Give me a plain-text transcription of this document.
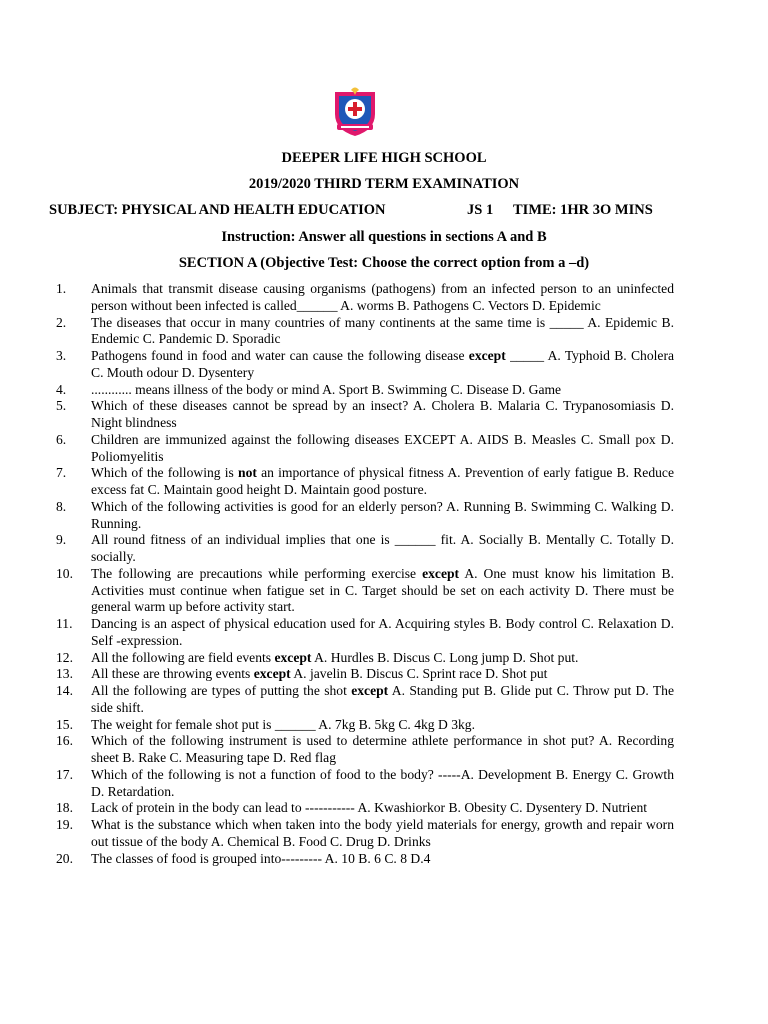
DEEPER LIFE HIGH SCHOOL
2019/2020 THIRD TERM EXAMINATION
SUBJECT: PHYSICAL AND HEALTH EDUCATION	JS 1 TIME: 1HR 3O MINS
Instruction: Answer all questions in sections A and B
SECTION A (Objective Test: Choose the correct option from a –d)
1. Animals that transmit disease causing organisms (pathogens) from an infected person to an uninfected person without been infected is called______ A. worms B. Pathogens C. Vectors D. Epidemic
2. The diseases that occur in many countries of many continents at the same time is _____ A. Epidemic B. Endemic C. Pandemic D. Sporadic
3. Pathogens found in food and water can cause the following disease except _____ A. Typhoid B. Cholera C. Mouth odour D. Dysentery
4. ............ means illness of the body or mind A. Sport B. Swimming C. Disease D. Game
5. Which of these diseases cannot be spread by an insect? A. Cholera B. Malaria C. Trypanosomiasis D. Night blindness
6. Children are immunized against the following diseases EXCEPT A. AIDS B. Measles C. Small pox D. Poliomyelitis
7. Which of the following is not an importance of physical fitness A. Prevention of early fatigue B. Reduce excess fat C. Maintain good height D. Maintain good posture.
8. Which of the following activities is good for an elderly person? A. Running B. Swimming C. Walking D. Running.
9. All round fitness of an individual implies that one is ______ fit. A. Socially B. Mentally C. Totally D. socially.
10. The following are precautions while performing exercise except A. One must know his limitation B. Activities must continue when fatigue set in C. Target should be set on each activity D. There must be general warm up before activity start.
11. Dancing is an aspect of physical education used for A. Acquiring styles B. Body control C. Relaxation D. Self -expression.
12. All the following are field events except A. Hurdles B. Discus C. Long jump D. Shot put.
13. All these are throwing events except A. javelin B. Discus C. Sprint race D. Shot put
14. All the following are types of putting the shot except A. Standing put B. Glide put C. Throw put D. The side shift.
15. The weight for female shot put is ______ A. 7kg B. 5kg C. 4kg D 3kg.
16. Which of the following instrument is used to determine athlete performance in shot put? A. Recording sheet B. Rake C. Measuring tape D. Red flag
17. Which of the following is not a function of food to the body? -----A. Development B. Energy C. Growth D. Retardation.
18. Lack of protein in the body can lead to ----------- A. Kwashiorkor B. Obesity C. Dysentery D. Nutrient
19. What is the substance which when taken into the body yield materials for energy, growth and repair worn out tissue of the body A. Chemical B. Food C. Drug D. Drinks
20. The classes of food is grouped into--------- A. 10 B. 6 C. 8 D.4
